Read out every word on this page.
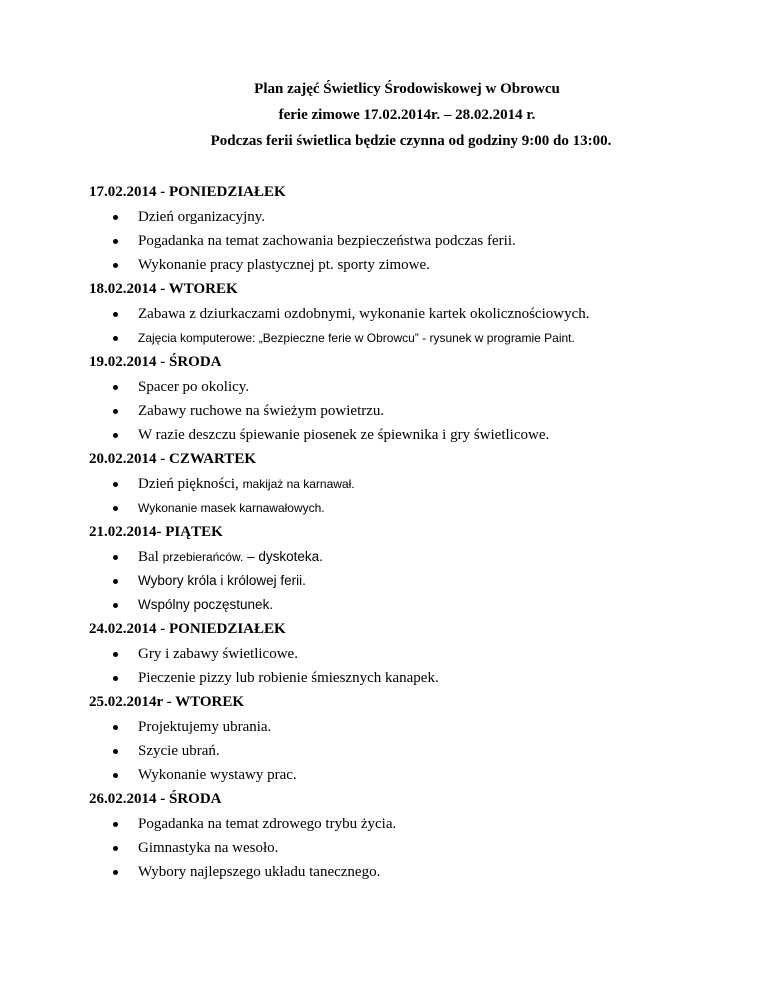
Plan zajęć Świetlicy Środowiskowej w Obrowcu
ferie zimowe 17.02.2014r. – 28.02.2014 r.
Podczas ferii świetlica będzie czynna od godziny 9:00 do 13:00.
17.02.2014 - PONIEDZIAŁEK
Dzień organizacyjny.
Pogadanka na temat zachowania bezpieczeństwa podczas ferii.
Wykonanie pracy plastycznej pt. sporty zimowe.
18.02.2014 - WTOREK
Zabawa z dziurkaczami ozdobnymi, wykonanie kartek okolicznościowych.
Zajęcia komputerowe: „Bezpieczne ferie w Obrowcu” - rysunek w programie Paint.
19.02.2014 - ŚRODA
Spacer po okolicy.
Zabawy ruchowe na świeżym powietrzu.
W razie deszczu śpiewanie piosenek ze śpiewnika i gry świetlicowe.
20.02.2014 - CZWARTEK
Dzień piękności, makijaż na karnawał.
Wykonanie masek karnawałowych.
21.02.2014- PIĄTEK
Bal przebierańców. – dyskoteka.
Wybory króla i królowej ferii.
Wspólny poczęstunek.
24.02.2014 - PONIEDZIAŁEK
Gry i zabawy świetlicowe.
Pieczenie pizzy lub robienie śmiesznych kanapek.
25.02.2014r - WTOREK
Projektujemy ubrania.
Szycie ubrań.
Wykonanie wystawy prac.
26.02.2014 - ŚRODA
Pogadanka na temat zdrowego trybu życia.
Gimnastyka na wesoło.
Wybory najlepszego układu tanecznego.
